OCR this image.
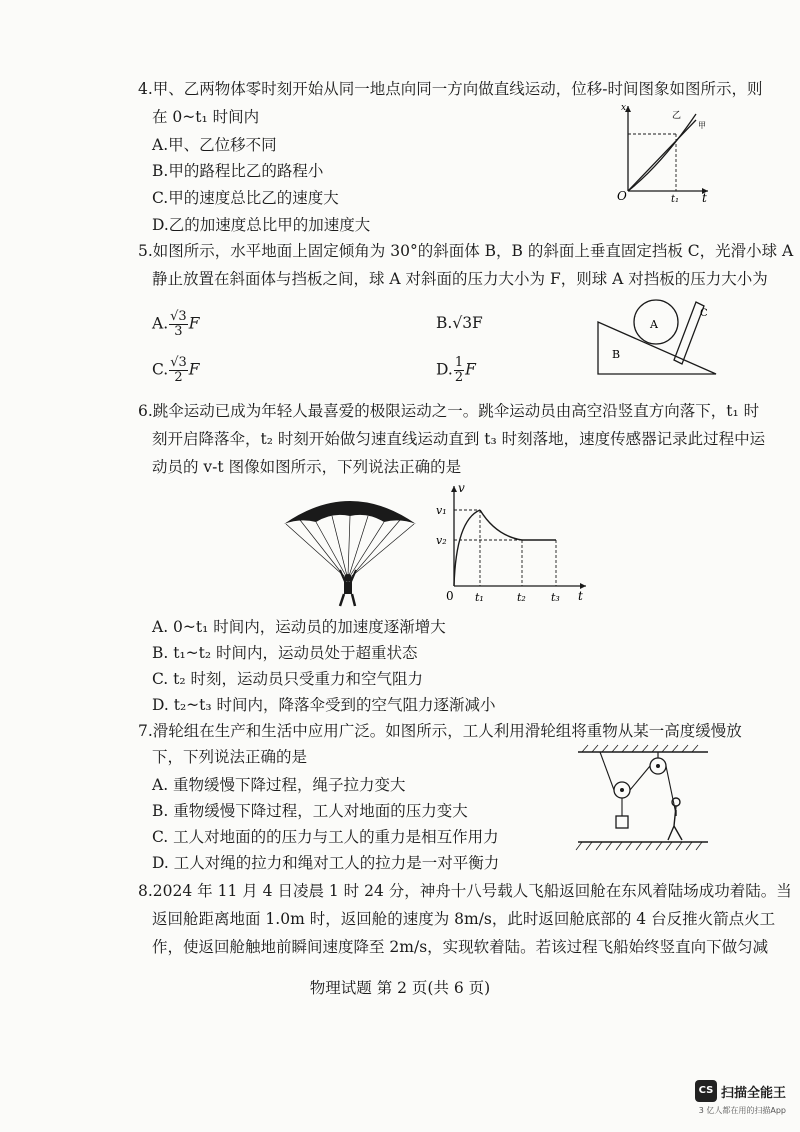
4.甲、乙两物体零时刻开始从同一地点向同一方向做直线运动，位移-时间图象如图所示，则
在 0~t₁ 时间内
A.甲、乙位移不同
B.甲的路程比乙的路程小
C.甲的速度总比乙的速度大
D.乙的加速度总比甲的加速度大
x
乙
甲
O	t₁ t
5.如图所示，水平地面上固定倾角为 30°的斜面体 B，B 的斜面上垂直固定挡板 C，光滑小球 A
静止放置在斜面体与挡板之间，球 A 对斜面的压力大小为 F，则球 A 对挡板的压力大小为
A. $\frac{√3}{3}$ F	B.√3F
C. $\frac{√3}{2}$ F	D. $\frac{1}{2}$ F
A
B
C
6.跳伞运动已成为年轻人最喜爱的极限运动之一。跳伞运动员由高空沿竖直方向落下，t₁ 时
刻开启降落伞，t₂ 时刻开始做匀速直线运动直到 t₃ 时刻落地，速度传感器记录此过程中运
动员的 v-t 图像如图所示，下列说法正确的是
v
v₁
v₂
0 t₁	t₂ t₃ t
A. 0~t₁ 时间内，运动员的加速度逐渐增大
B. t₁~t₂ 时间内，运动员处于超重状态
C. t₂ 时刻，运动员只受重力和空气阻力
D. t₂~t₃ 时间内，降落伞受到的空气阻力逐渐减小
7.滑轮组在生产和生活中应用广泛。如图所示，工人利用滑轮组将重物从某一高度缓慢放
下，下列说法正确的是
A. 重物缓慢下降过程，绳子拉力变大
B. 重物缓慢下降过程，工人对地面的压力变大
C. 工人对地面的的压力与工人的重力是相互作用力
D. 工人对绳的拉力和绳对工人的拉力是一对平衡力
8.2024 年 11 月 4 日凌晨 1 时 24 分，神舟十八号载人飞船返回舱在东风着陆场成功着陆。当
返回舱距离地面 1.0m 时，返回舱的速度为 8m/s，此时返回舱底部的 4 台反推火箭点火工
作，使返回舱触地前瞬间速度降至 2m/s，实现软着陆。若该过程飞船始终竖直向下做匀减
物理试题 第 2 页(共 6 页)
CS 扫描全能王
3 亿人都在用的扫描App
